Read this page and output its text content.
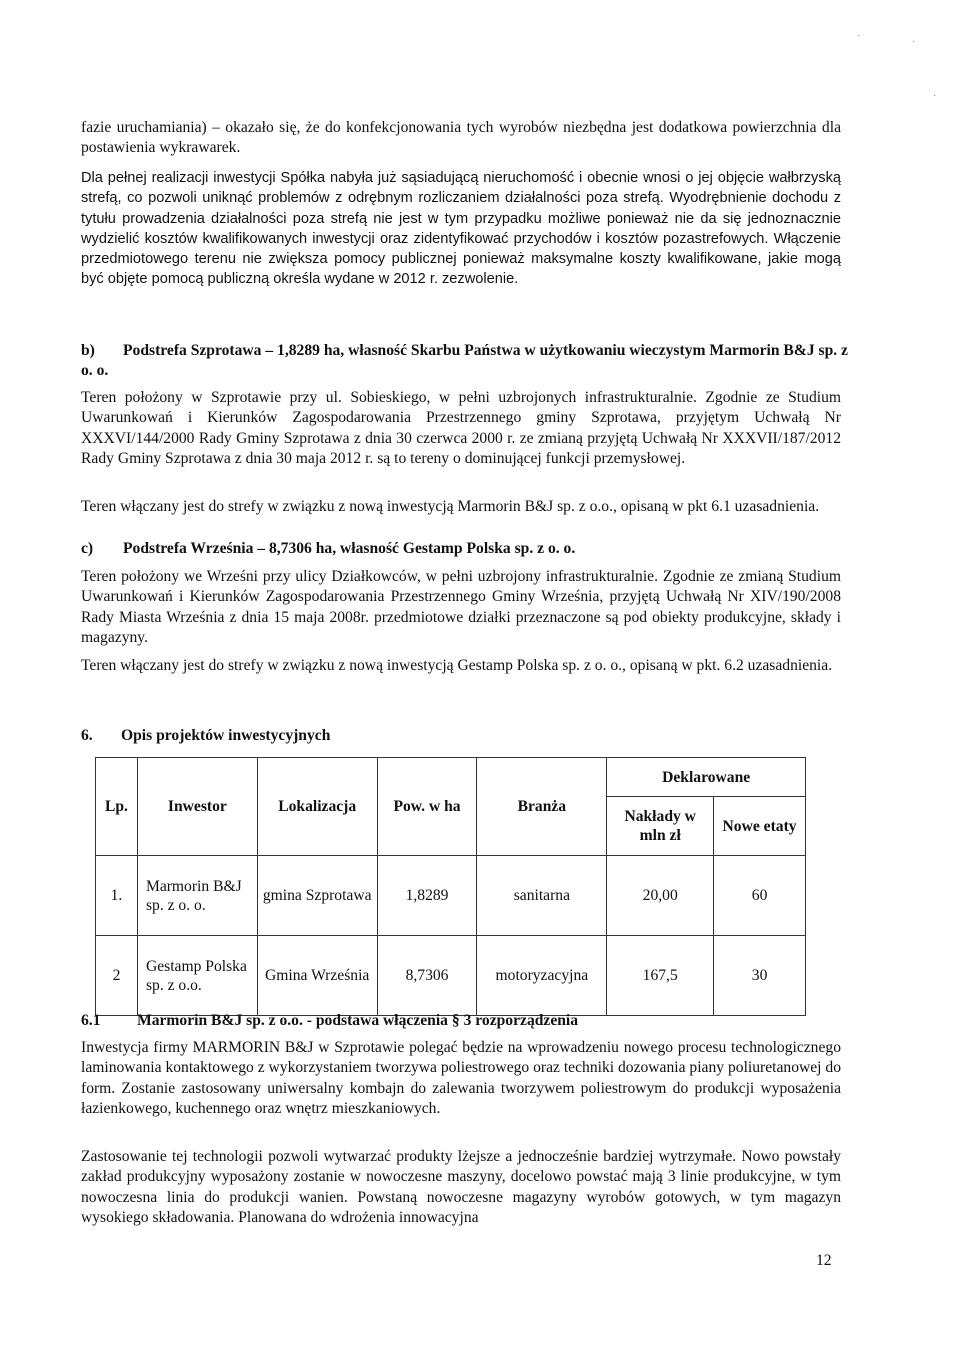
fazie uruchamiania) – okazało się, że do konfekcjonowania tych wyrobów niezbędna jest dodatkowa powierzchnia dla postawienia wykrawarek.

Dla pełnej realizacji inwestycji Spółka nabyła już sąsiadującą nieruchomość i obecnie wnosi o jej objęcie wałbrzyską strefą, co pozwoli uniknąć problemów z odrębnym rozliczaniem działalności poza strefą. Wyodrębnienie dochodu z tytułu prowadzenia działalności poza strefą nie jest w tym przypadku możliwe ponieważ nie da się jednoznacznie wydzielić kosztów kwalifikowanych inwestycji oraz zidentyfikować przychodów i kosztów pozastrefowych. Włączenie przedmiotowego terenu nie zwiększa pomocy publicznej ponieważ maksymalne koszty kwalifikowane, jakie mogą być objęte pomocą publiczną określa wydane w 2012 r. zezwolenie.

b) Podstrefa Szprotawa – 1,8289 ha, własność Skarbu Państwa w użytkowaniu wieczystym Marmorin B&J sp. z o. o.

Teren położony w Szprotawie przy ul. Sobieskiego, w pełni uzbrojonych infrastrukturalnie. Zgodnie ze Studium Uwarunkowań i Kierunków Zagospodarowania Przestrzennego gminy Szprotawa, przyjętym Uchwałą Nr XXXVI/144/2000 Rady Gminy Szprotawa z dnia 30 czerwca 2000 r. ze zmianą przyjętą Uchwałą Nr XXXVII/187/2012 Rady Gminy Szprotawa z dnia 30 maja 2012 r. są to tereny o dominującej funkcji przemysłowej.

Teren włączany jest do strefy w związku z nową inwestycją Marmorin B&J sp. z o.o., opisaną w pkt 6.1 uzasadnienia.

c) Podstrefa Września – 8,7306 ha, własność Gestamp Polska sp. z o. o.

Teren położony we Wrześni przy ulicy Działkowców, w pełni uzbrojony infrastrukturalnie. Zgodnie ze zmianą Studium Uwarunkowań i Kierunków Zagospodarowania Przestrzennego Gminy Września, przyjętą Uchwałą Nr XIV/190/2008 Rady Miasta Września z dnia 15 maja 2008r. przedmiotowe działki przeznaczone są pod obiekty produkcyjne, składy i magazyny.

Teren włączany jest do strefy w związku z nową inwestycją Gestamp Polska sp. z o. o., opisaną w pkt. 6.2 uzasadnienia.

6. Opis projektów inwestycyjnych

Lp.	Inwestor	Lokalizacja	Pow. w ha	Branża	Deklarowane	
					Nakłady w mln zł	Nowe etaty
1.	Marmorin B&J sp. z o. o.	gmina Szprotawa	1,8289	sanitarna	20,00	60
2	Gestamp Polska sp. z o.o.	Gmina Września	8,7306	motoryzacyjna	167,5	30

6.1 Marmorin B&J sp. z o.o. - podstawa włączenia § 3 rozporządzenia

Inwestycja firmy MARMORIN B&J w Szprotawie polegać będzie na wprowadzeniu nowego procesu technologicznego laminowania kontaktowego z wykorzystaniem tworzywa poliestrowego oraz techniki dozowania piany poliuretanowej do form. Zostanie zastosowany uniwersalny kombajn do zalewania tworzywem poliestrowym do produkcji wyposażenia łazienkowego, kuchennego oraz wnętrz mieszkaniowych.

Zastosowanie tej technologii pozwoli wytwarzać produkty lżejsze a jednocześnie bardziej wytrzymałe. Nowo powstały zakład produkcyjny wyposażony zostanie w nowoczesne maszyny, docelowo powstać mają 3 linie produkcyjne, w tym nowoczesna linia do produkcji wanien. Powstaną nowoczesne magazyny wyrobów gotowych, w tym magazyn wysokiego składowania. Planowana do wdrożenia innowacyjna

12
·
·
·
